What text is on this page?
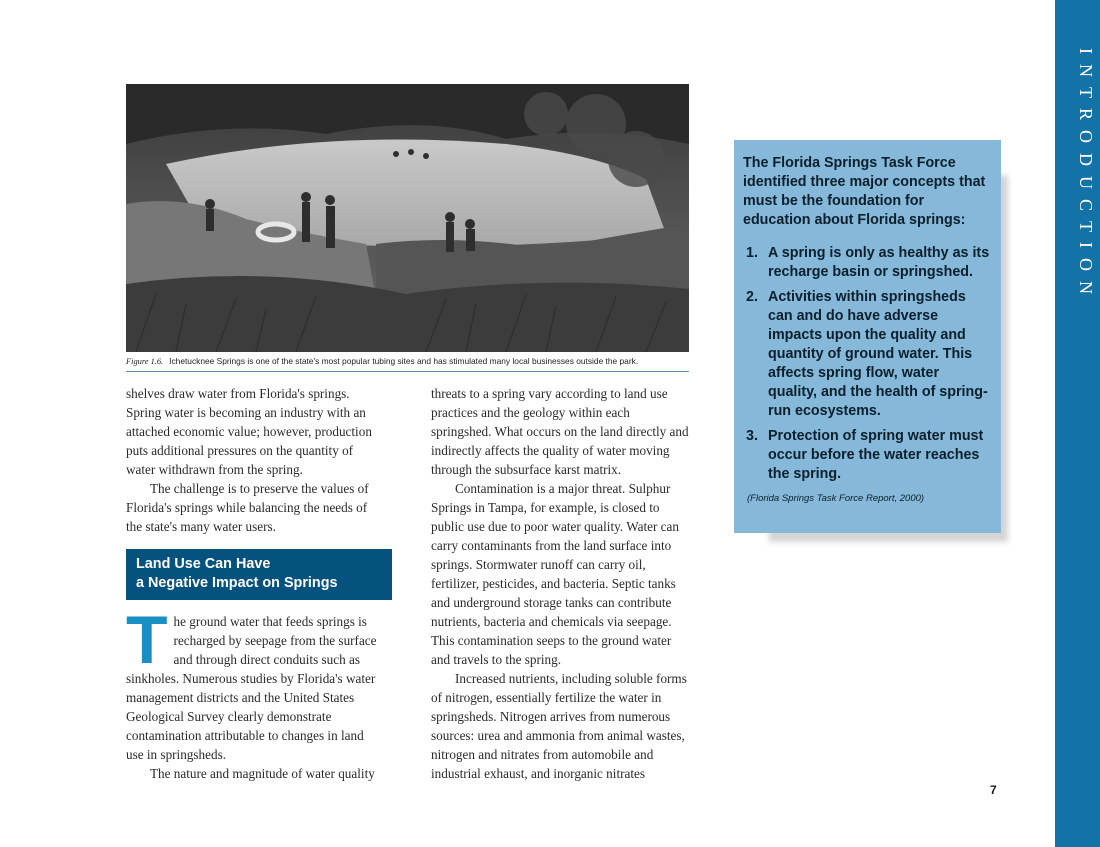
INTRODUCTION
Figure 1.6. Ichetucknee Springs is one of the state's most popular tubing sites and has stimulated many local businesses outside the park.

shelves draw water from Florida's springs. Spring water is becoming an industry with an attached economic value; however, production puts additional pressures on the quantity of water withdrawn from the spring.

The challenge is to preserve the values of Florida's springs while balancing the needs of the state's many water users.

Land Use Can Have
a Negative Impact on Springs

The ground water that feeds springs is recharged by seepage from the surface and through direct conduits such as sinkholes. Numerous studies by Florida's water management districts and the United States Geological Survey clearly demonstrate contamination attributable to changes in land use in springsheds.

The nature and magnitude of water quality

threats to a spring vary according to land use practices and the geology within each springshed. What occurs on the land directly and indirectly affects the quality of water moving through the subsurface karst matrix.

Contamination is a major threat. Sulphur Springs in Tampa, for example, is closed to public use due to poor water quality. Water can carry contaminants from the land surface into springs. Stormwater runoff can carry oil, fertilizer, pesticides, and bacteria. Septic tanks and underground storage tanks can contribute nutrients, bacteria and chemicals via seepage. This contamination seeps to the ground water and travels to the spring.

Increased nutrients, including soluble forms of nitrogen, essentially fertilize the water in springsheds. Nitrogen arrives from numerous sources: urea and ammonia from animal wastes, nitrogen and nitrates from automobile and industrial exhaust, and inorganic nitrates

The Florida Springs Task Force identified three major concepts that must be the foundation for education about Florida springs:

1. A spring is only as healthy as its recharge basin or springshed.
2. Activities within springsheds can and do have adverse impacts upon the quality and quantity of ground water. This affects spring flow, water quality, and the health of spring-run ecosystems.
3. Protection of spring water must occur before the water reaches the spring.
(Florida Springs Task Force Report, 2000)
7
